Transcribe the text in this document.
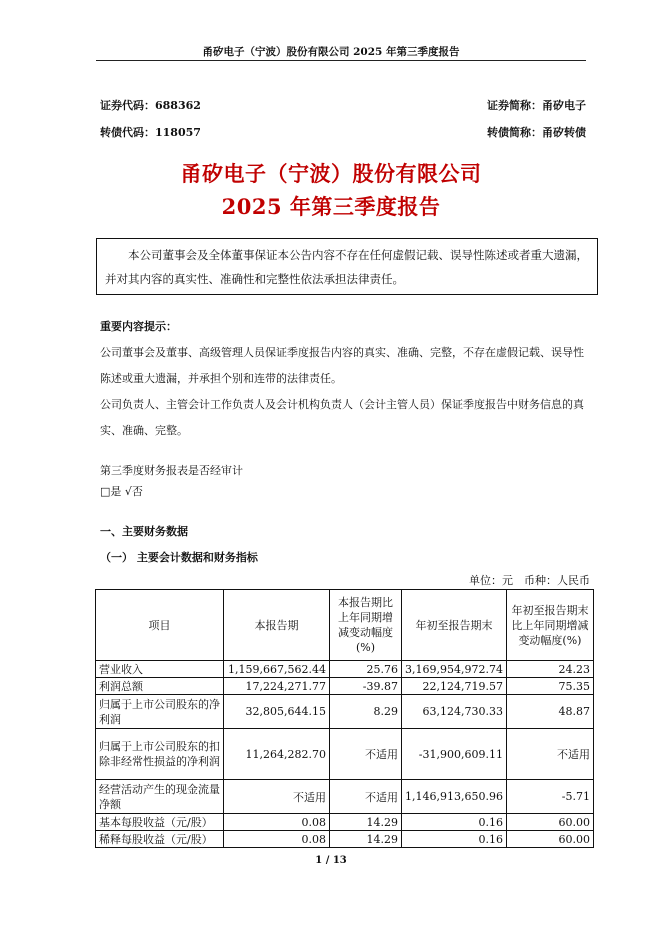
甬矽电子（宁波）股份有限公司 2025 年第三季度报告
证券代码：688362	证券简称：甬矽电子
转债代码：118057	转债简称：甬矽转债
甬矽电子（宁波）股份有限公司
2025 年第三季度报告
本公司董事会及全体董事保证本公告内容不存在任何虚假记载、误导性陈述或者重大遗漏，并对其内容的真实性、准确性和完整性依法承担法律责任。
重要内容提示：
公司董事会及董事、高级管理人员保证季度报告内容的真实、准确、完整，不存在虚假记载、误导性陈述或重大遗漏，并承担个别和连带的法律责任。
公司负责人、主管会计工作负责人及会计机构负责人（会计主管人员）保证季度报告中财务信息的真实、准确、完整。
第三季度财务报表是否经审计
□是 √否
一、主要财务数据
（一） 主要会计数据和财务指标
单位：元　币种：人民币
项目	本报告期	本报告期比上年同期增减变动幅度(%)	年初至报告期末	年初至报告期末比上年同期增减变动幅度(%)
营业收入	1,159,667,562.44	25.76	3,169,954,972.74	24.23
利润总额	17,224,271.77	-39.87	22,124,719.57	75.35
归属于上市公司股东的净利润	32,805,644.15	8.29	63,124,730.33	48.87
归属于上市公司股东的扣除非经常性损益的净利润	11,264,282.70	不适用	-31,900,609.11	不适用
经营活动产生的现金流量净额	不适用	不适用	1,146,913,650.96	-5.71
基本每股收益（元/股）	0.08	14.29	0.16	60.00
稀释每股收益（元/股）	0.08	14.29	0.16	60.00
1 / 13
